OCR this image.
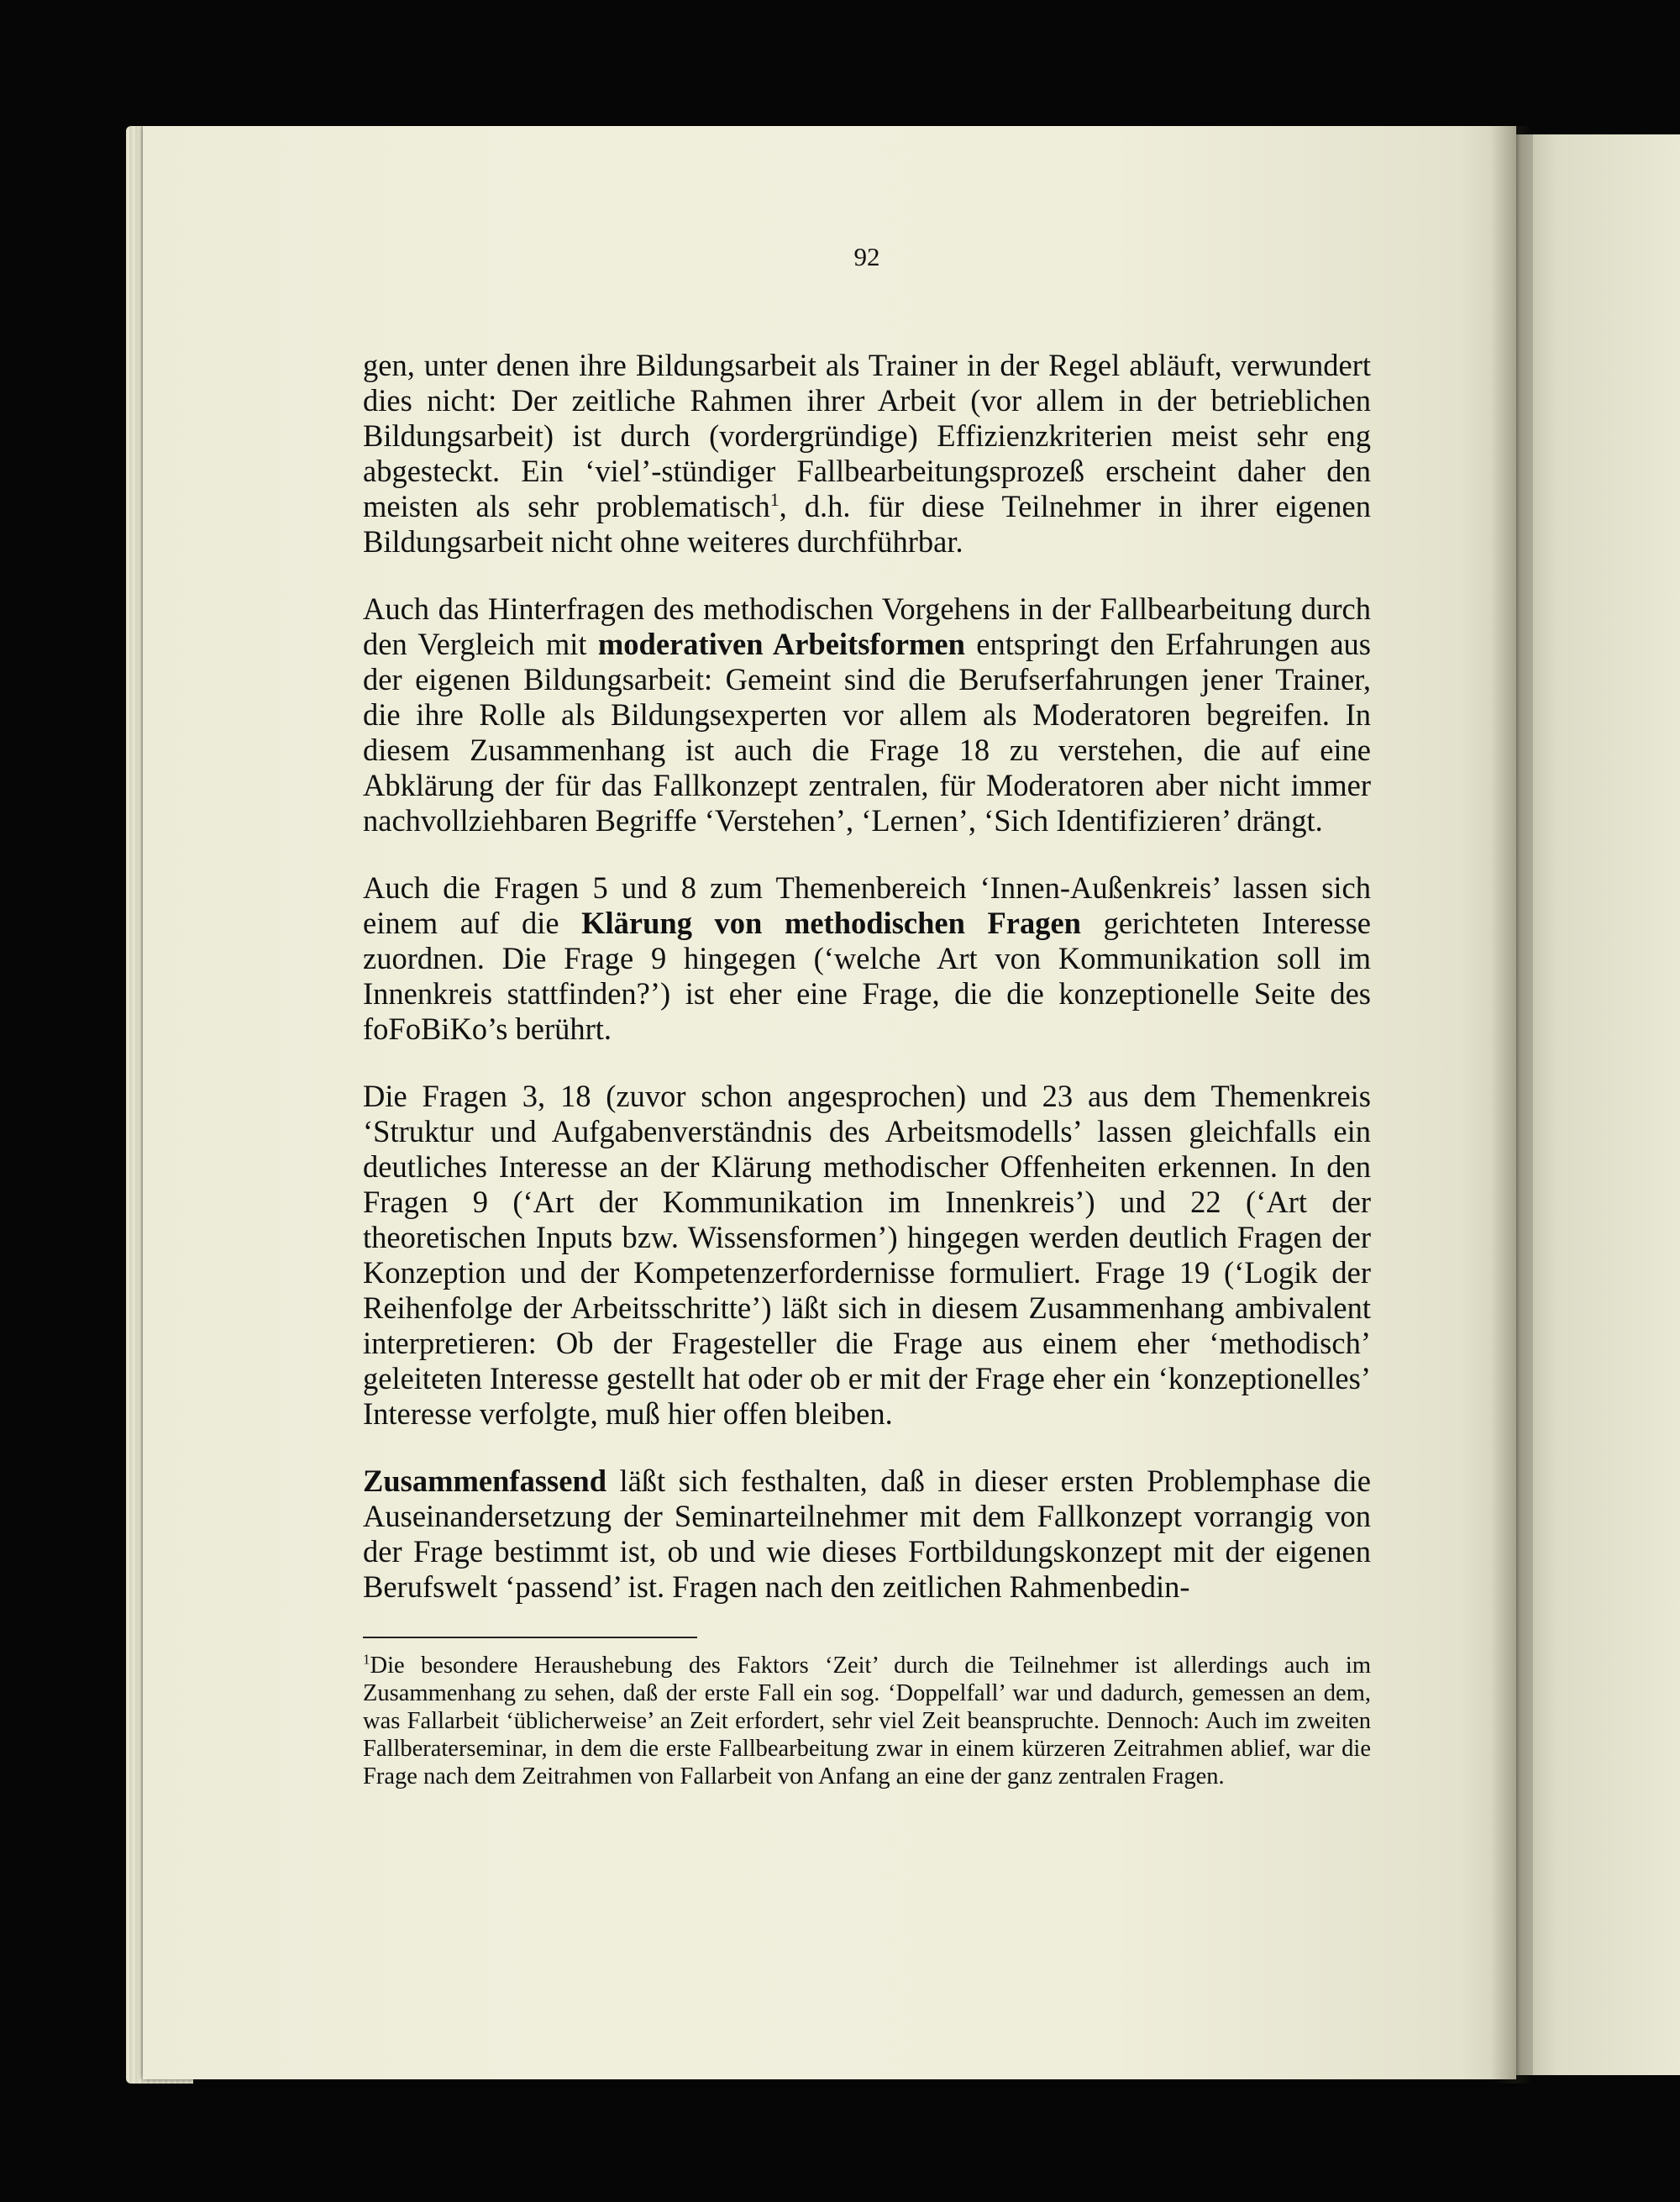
92

gen, unter denen ihre Bildungsarbeit als Trainer in der Regel abläuft, verwundert dies nicht: Der zeitliche Rahmen ihrer Arbeit (vor allem in der betrieblichen Bildungsarbeit) ist durch (vordergründige) Effizienzkriterien meist sehr eng abgesteckt. Ein ‘viel’-stündiger Fallbearbeitungsprozeß erscheint daher den meisten als sehr problematisch$^1$, d.h. für diese Teilnehmer in ihrer eigenen Bildungsarbeit nicht ohne weiteres durchführbar.

Auch das Hinterfragen des methodischen Vorgehens in der Fallbearbeitung durch den Vergleich mit moderativen Arbeitsformen entspringt den Erfahrungen aus der eigenen Bildungsarbeit: Gemeint sind die Berufserfahrungen jener Trainer, die ihre Rolle als Bildungsexperten vor allem als Moderatoren begreifen. In diesem Zusammenhang ist auch die Frage 18 zu verstehen, die auf eine Abklärung der für das Fallkonzept zentralen, für Moderatoren aber nicht immer nachvollziehbaren Begriffe ‘Verstehen’, ‘Lernen’, ‘Sich Identifizieren’ drängt.

Auch die Fragen 5 und 8 zum Themenbereich ‘Innen-Außenkreis’ lassen sich einem auf die Klärung von methodischen Fragen gerichteten Interesse zuordnen. Die Frage 9 hingegen (‘welche Art von Kommunikation soll im Innenkreis stattfinden?’) ist eher eine Frage, die die konzeptionelle Seite des foFoBiKo’s berührt.

Die Fragen 3, 18 (zuvor schon angesprochen) und 23 aus dem Themenkreis ‘Struktur und Aufgabenverständnis des Arbeitsmodells’ lassen gleichfalls ein deutliches Interesse an der Klärung methodischer Offenheiten erkennen. In den Fragen 9 (‘Art der Kommunikation im Innenkreis’) und 22 (‘Art der theoretischen Inputs bzw. Wissensformen’) hingegen werden deutlich Fragen der Konzeption und der Kompetenzerfordernisse formuliert. Frage 19 (‘Logik der Reihenfolge der Arbeitsschritte’) läßt sich in diesem Zusammenhang ambivalent interpretieren: Ob der Fragesteller die Frage aus einem eher ‘methodisch’ geleiteten Interesse gestellt hat oder ob er mit der Frage eher ein ‘konzeptionelles’ Interesse verfolgte, muß hier offen bleiben.

Zusammenfassend läßt sich festhalten, daß in dieser ersten Problemphase die Auseinandersetzung der Seminarteilnehmer mit dem Fallkonzept vorrangig von der Frage bestimmt ist, ob und wie dieses Fortbildungskonzept mit der eigenen Berufswelt ‘passend’ ist. Fragen nach den zeitlichen Rahmenbedin-

$^1$Die besondere Heraushebung des Faktors ‘Zeit’ durch die Teilnehmer ist allerdings auch im Zusammenhang zu sehen, daß der erste Fall ein sog. ‘Doppelfall’ war und dadurch, gemessen an dem, was Fallarbeit ‘üblicherweise’ an Zeit erfordert, sehr viel Zeit beanspruchte. Dennoch: Auch im zweiten Fallberaterseminar, in dem die erste Fallbearbeitung zwar in einem kürzeren Zeitrahmen ablief, war die Frage nach dem Zeitrahmen von Fallarbeit von Anfang an eine der ganz zentralen Fragen.
